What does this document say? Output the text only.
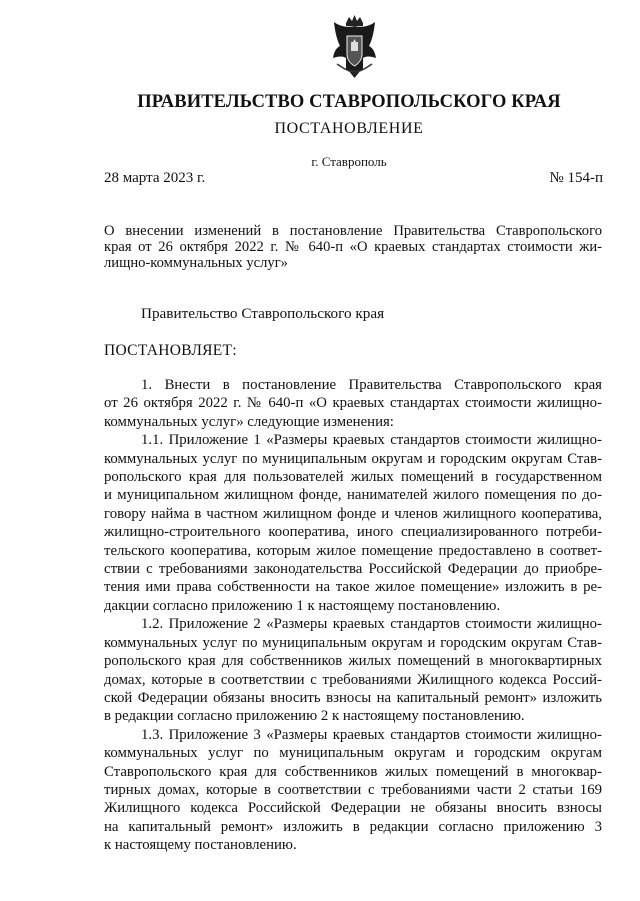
ПРАВИТЕЛЬСТВО СТАВРОПОЛЬСКОГО КРАЯ
ПОСТАНОВЛЕНИЕ
г. Ставрополь
28 марта 2023 г.	№ 154-п
О внесении изменений в постановление Правительства Ставропольского
края от 26 октября 2022 г. № 640-п «О краевых стандартах стоимости жи-
лищно-коммунальных услуг»
Правительство Ставропольского края
ПОСТАНОВЛЯЕТ:
1. Внести в постановление Правительства Ставропольского края
от 26 октября 2022 г. № 640-п «О краевых стандартах стоимости жилищно-
коммунальных услуг» следующие изменения:
1.1. Приложение 1 «Размеры краевых стандартов стоимости жилищно-
коммунальных услуг по муниципальным округам и городским округам Став-
ропольского края для пользователей жилых помещений в государственном
и муниципальном жилищном фонде, нанимателей жилого помещения по до-
говору найма в частном жилищном фонде и членов жилищного кооператива,
жилищно-строительного кооператива, иного специализированного потреби-
тельского кооператива, которым жилое помещение предоставлено в соответ-
ствии с требованиями законодательства Российской Федерации до приобре-
тения ими права собственности на такое жилое помещение» изложить в ре-
дакции согласно приложению 1 к настоящему постановлению.
1.2. Приложение 2 «Размеры краевых стандартов стоимости жилищно-
коммунальных услуг по муниципальным округам и городским округам Став-
ропольского края для собственников жилых помещений в многоквартирных
домах, которые в соответствии с требованиями Жилищного кодекса Россий-
ской Федерации обязаны вносить взносы на капитальный ремонт» изложить
в редакции согласно приложению 2 к настоящему постановлению.
1.3. Приложение 3 «Размеры краевых стандартов стоимости жилищно-
коммунальных услуг по муниципальным округам и городским округам
Ставропольского края для собственников жилых помещений в многоквар-
тирных домах, которые в соответствии с требованиями части 2 статьи 169
Жилищного кодекса Российской Федерации не обязаны вносить взносы
на капитальный ремонт» изложить в редакции согласно приложению 3
к настоящему постановлению.
